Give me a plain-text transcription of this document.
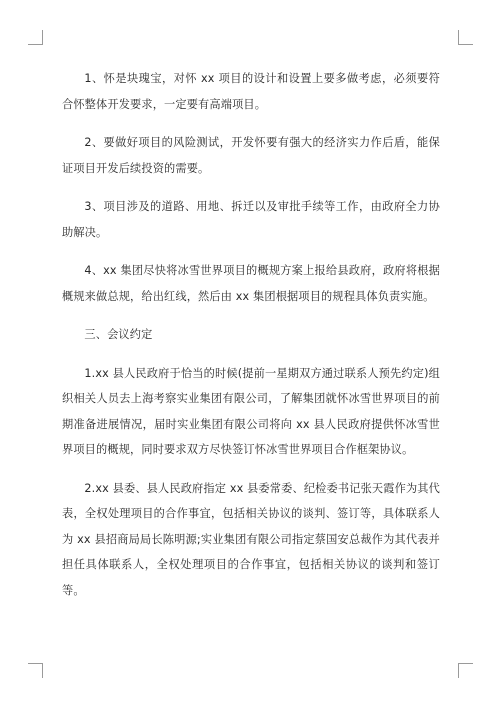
1、怀是块瑰宝，对怀 xx 项目的设计和设置上要多做考虑，必须要符合怀整体开发要求，一定要有高端项目。

2、要做好项目的风险测试，开发怀要有强大的经济实力作后盾，能保证项目开发后续投资的需要。

3、项目涉及的道路、用地、拆迁以及审批手续等工作，由政府全力协助解决。

4、xx 集团尽快将冰雪世界项目的概规方案上报给县政府，政府将根据概规来做总规，给出红线，然后由 xx 集团根据项目的规程具体负责实施。

三、会议约定

1.xx 县人民政府于恰当的时候(提前一星期双方通过联系人预先约定)组织相关人员去上海考察实业集团有限公司，了解集团就怀冰雪世界项目的前期准备进展情况，届时实业集团有限公司将向 xx 县人民政府提供怀冰雪世界项目的概规，同时要求双方尽快签订怀冰雪世界项目合作框架协议。

2.xx 县委、县人民政府指定 xx 县委常委、纪检委书记张天霞作为其代表，全权处理项目的合作事宜，包括相关协议的谈判、签订等，具体联系人为 xx 县招商局局长陈明源;实业集团有限公司指定蔡国安总裁作为其代表并担任具体联系人，全权处理项目的合作事宜，包括相关协议的谈判和签订等。
